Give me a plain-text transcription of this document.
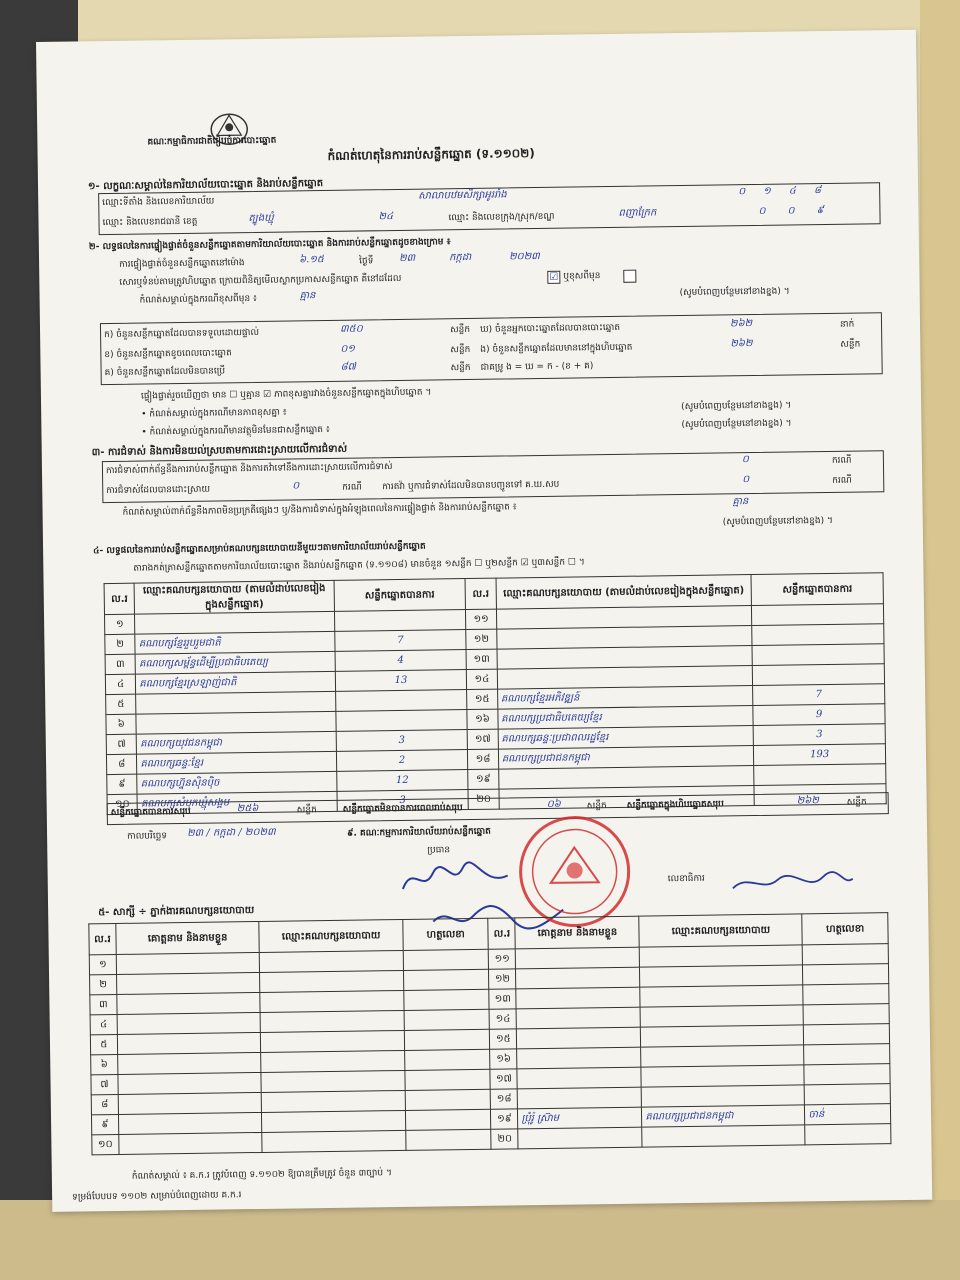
គណៈកម្មាធិការជាតិរៀបចំការបោះឆ្នោត
កំណត់ហេតុនៃការរាប់សន្លឹកឆ្នោត (ទ.១១០២)
១- លក្ខណៈសម្គាល់នៃការិយាល័យបោះឆ្នោត និងរាប់សន្លឹកឆ្នោត
ឈ្មោះទីតាំង និងលេខការិយាល័យ
សាលាបឋមសិក្សាអូររាំង	០១៤៨
ឈ្មោះ និងលេខរាជធានី ខេត្ត	ត្បូងឃ្មុំ	២៤	ឈ្មោះ និងលេខក្រុង/ស្រុក/ខណ្ឌ	ពញាក្រែក	០០៩
២- លទ្ធផលនៃការផ្ទៀងផ្ទាត់ចំនួនសន្លឹកឆ្នោតតាមការិយាល័យបោះឆ្នោត និងការរាប់សន្លឹកឆ្នោតដូចខាងក្រោម ៖
ការផ្ទៀងផ្ទាត់ចំនួនសន្លឹកឆ្នោតនៅម៉ោង	៦.១៥	ថ្ងៃទី	២៣	កក្កដា	២០២៣
សោរឬទំនប់តាមត្រូវហិបឆ្នោត ក្រោយពិនិត្យមើលស្លាកប្រកាសសន្លឹកឆ្នោត គឺនៅដដែល	☑ ឬខុសពីមុន
កំណត់សម្គាល់ក្នុងករណីខុសពីមុន ៖	គ្មាន	(សូមបំពេញបន្ថែមនៅខាងខ្នង) ។
ក) ចំនួនសន្លឹកឆ្នោតដែលបានទទួលដោយផ្ទាល់	៣៥០	សន្លឹក ឃ) ចំនួនអ្នកបោះឆ្នោតដែលបានបោះឆ្នោត	២៦២	នាក់
ខ) ចំនួនសន្លឹកឆ្នោតខូចពេលបោះឆ្នោត	០១	សន្លឹក ង) ចំនួនសន្លឹកឆ្នោតដែលមាននៅក្នុងហិបឆ្នោត	២៦២	សន្លឹក
គ) ចំនួនសន្លឹកឆ្នោតដែលមិនបានប្រើ	៨៧	សន្លឹក ជាគម្រូ ង = ឃ = ក - (ខ + គ)
ផ្ទៀងផ្ទាត់រួចឃើញថា មាន ☐ ឬគ្មាន ☑ ភាពខុសគ្នារវាងចំនួនសន្លឹកឆ្នោតក្នុងហិបឆ្នោត ។
• កំណត់សម្គាល់ក្នុងករណីមានភាពខុសគ្នា ៖
(សូមបំពេញបន្ថែមនៅខាងខ្នង) ។
• កំណត់សម្គាល់ក្នុងករណីមានវត្ថុមិនមែនជាសន្លឹកឆ្នោត ៖
(សូមបំពេញបន្ថែមនៅខាងខ្នង) ។
៣- ការជំទាស់ និងការមិនយល់ស្របតាមការដោះស្រាយលើការជំទាស់
ការជំទាស់ពាក់ព័ន្ធនឹងការរាប់សន្លឹកឆ្នោត និងការតវ៉ាទៅនឹងការដោះស្រាយលើការជំទាស់
០	ករណី
ការជំទាស់ដែលបានដោះស្រាយ	០	ករណី ការតវ៉ា ឬការជំទាស់ដែលមិនបានបញ្ជូនទៅ គ.ឃ.សប
០	ករណី
កំណត់សម្គាល់ពាក់ព័ន្ធនឹងភាពមិនប្រក្រតីផ្សេងៗ ឬ/និងការជំទាស់ក្នុងអំឡុងពេលនៃការផ្ទៀងផ្ទាត់ និងការរាប់សន្លឹកឆ្នោត ៖
គ្មាន
(សូមបំពេញបន្ថែមនៅខាងខ្នង) ។
៤- លទ្ធផលនៃការរាប់សន្លឹកឆ្នោតសម្រាប់គណបក្សនយោបាយនីមួយៗតាមការិយាល័យរាប់សន្លឹកឆ្នោត
តារាងកត់ត្រាសន្លឹកឆ្នោតតាមការិយាល័យបោះឆ្នោត និងរាប់សន្លឹកឆ្នោត (ទ.១១០៨) មានចំនួន ១សន្លឹក ☐ ឬ២សន្លឹក ☑ ឬ៣សន្លឹក ☐ ។
ល.រ	ឈ្មោះគណបក្សនយោបាយ (តាមលំដាប់លេខរៀងក្នុងសន្លឹកឆ្នោត)	សន្លឹកឆ្នោតបានការ	ល.រ	ឈ្មោះគណបក្សនយោបាយ (តាមលំដាប់លេខរៀងក្នុងសន្លឹកឆ្នោត)	សន្លឹកឆ្នោតបានការ
១			១១		
២	គណបក្សខ្មែររួបរួមជាតិ	7	១២		
៣	គណបក្សសម្ព័ន្ធដើម្បីប្រជាធិបតេយ្យ	4	១៣		
៤	គណបក្សខ្មែរស្រឡាញ់ជាតិ	13	១៤		
៥			១៥	គណបក្សខ្មែរអភិវឌ្ឍន៍	7
៦			១៦	គណបក្សប្រជាធិបតេយ្យខ្មែរ	9
៧	គណបក្សយុវជនកម្ពុជា	3	១៧	គណបក្សឆន្ទៈប្រជាពលរដ្ឋខ្មែរ	3
៨	គណបក្សឆន្ទៈខ្មែរ	2	១៨	គណបក្សប្រជាជនកម្ពុជា	193
៩	គណបក្សហ្វ៊ុនស៊ិនប៉ិច	12	១៩		
១០	គណបក្សសំបុកឃ្មុំសង្គម	3	២០		
សន្លឹកឆ្នោតបានការសរុប	២៥៦	សន្លឹក	សន្លឹកឆ្នោតមិនបានការពេលរាប់សរុប	០៦	សន្លឹក សន្លឹកឆ្នោតក្នុងហិបឆ្នោតសរុប	២៦២	សន្លឹក
កាលបរិច្ឆេទ ២៣ / កក្កដា / ២០២៣	៩. គណៈកម្មការការិយាល័យរាប់សន្លឹកឆ្នោត
ប្រធាន
លេខាធិការ
៥- សាក្សី ÷ ភ្នាក់ងារគណបក្សនយោបាយ
ល.រ	គោត្តនាម និងនាមខ្លួន	ឈ្មោះគណបក្សនយោបាយ	ហត្ថលេខា	ល.រ	គោត្តនាម និងនាមខ្លួន	ឈ្មោះគណបក្សនយោបាយ	ហត្ថលេខា
១				១១			
២				១២			
៣				១៣			
៤				១៤			
៥				១៥			
៦				១៦			
៧				១៧			
៨				១៨			
៩				១៩	ប្រុំរ៉ូ ស្រ៊ាម	គណបក្សប្រជាជនកម្ពុជា	ចាន់
១០				២០			
កំណត់សម្គាល់ ៖ គ.ក.រ ត្រូវបំពេញ ទ.១១០២ ឱ្យបានត្រឹមត្រូវ ចំនួន ៣ច្បាប់ ។
ទម្រង់បែបបទ ១១០២ សម្រាប់បំពេញដោយ គ.ក.រ
